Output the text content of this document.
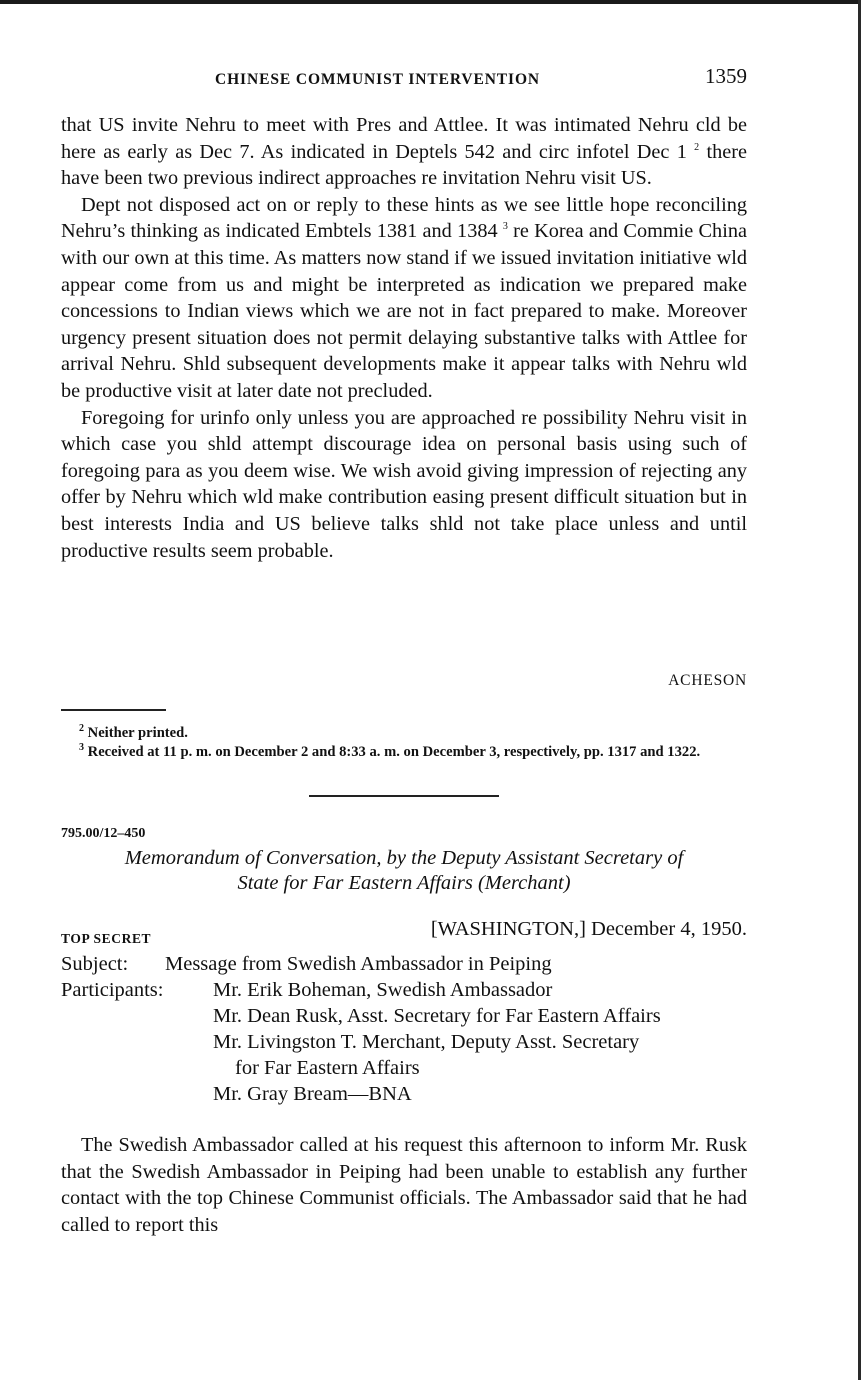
CHINESE COMMUNIST INTERVENTION	1359

that US invite Nehru to meet with Pres and Attlee. It was intimated Nehru cld be here as early as Dec 7. As indicated in Deptels 542 and circ infotel Dec 1 $^2$ there have been two previous indirect approaches re invitation Nehru visit US.

Dept not disposed act on or reply to these hints as we see little hope reconciling Nehru’s thinking as indicated Embtels 1381 and 1384 $^3$ re Korea and Commie China with our own at this time. As matters now stand if we issued invitation initiative wld appear come from us and might be interpreted as indication we prepared make concessions to Indian views which we are not in fact prepared to make. Moreover urgency present situation does not permit delaying substantive talks with Attlee for arrival Nehru. Shld subsequent developments make it appear talks with Nehru wld be productive visit at later date not precluded.

Foregoing for urinfo only unless you are approached re possibility Nehru visit in which case you shld attempt discourage idea on personal basis using such of foregoing para as you deem wise. We wish avoid giving impression of rejecting any offer by Nehru which wld make contribution easing present difficult situation but in best interests India and US believe talks shld not take place unless and until productive results seem probable.

ACHESON

$^2$ Neither printed.

$^3$ Received at 11 p. m. on December 2 and 8:33 a. m. on December 3, respectively, pp. 1317 and 1322.

795.00/12–450
Memorandum of Conversation, by the Deputy Assistant Secretary of
State for Far Eastern Affairs (Merchant)
TOP SECRET	[WASHINGTON,] December 4, 1950.
Subject:	Message from Swedish Ambassador in Peiping
Participants:	Mr. Erik Boheman, Swedish Ambassador
Mr. Dean Rusk, Asst. Secretary for Far Eastern Affairs
Mr. Livingston T. Merchant, Deputy Asst. Secretary
for Far Eastern Affairs
Mr. Gray Bream—BNA

The Swedish Ambassador called at his request this afternoon to inform Mr. Rusk that the Swedish Ambassador in Peiping had been unable to establish any further contact with the top Chinese Communist officials. The Ambassador said that he had called to report this
